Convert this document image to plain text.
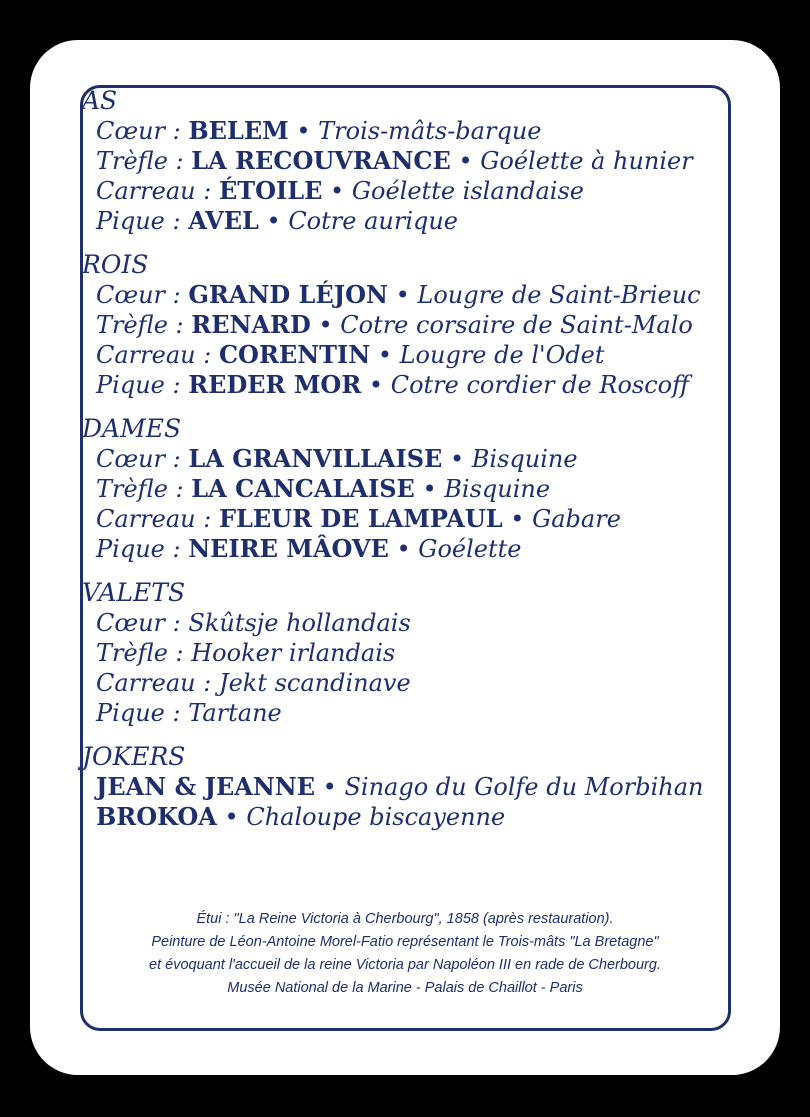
AS
Cœur : BELEM • Trois-mâts-barque
Trèfle : LA RECOUVRANCE • Goélette à hunier
Carreau : ÉTOILE • Goélette islandaise
Pique : AVEL • Cotre aurique
ROIS
Cœur : GRAND LÉJON • Lougre de Saint-Brieuc
Trèfle : RENARD • Cotre corsaire de Saint-Malo
Carreau : CORENTIN • Lougre de l'Odet
Pique : REDER MOR • Cotre cordier de Roscoff
DAMES
Cœur : LA GRANVILLAISE • Bisquine
Trèfle : LA CANCALAISE • Bisquine
Carreau : FLEUR DE LAMPAUL • Gabare
Pique : NEIRE MÂOVE • Goélette
VALETS
Cœur : Skûtsje hollandais
Trèfle : Hooker irlandais
Carreau : Jekt scandinave
Pique : Tartane
JOKERS
JEAN & JEANNE • Sinago du Golfe du Morbihan
BROKOA • Chaloupe biscayenne
Étui : "La Reine Victoria à Cherbourg", 1858 (après restauration).
Peinture de Léon-Antoine Morel-Fatio représentant le Trois-mâts "La Bretagne"
et évoquant l'accueil de la reine Victoria par Napoléon III en rade de Cherbourg.
Musée National de la Marine - Palais de Chaillot - Paris
